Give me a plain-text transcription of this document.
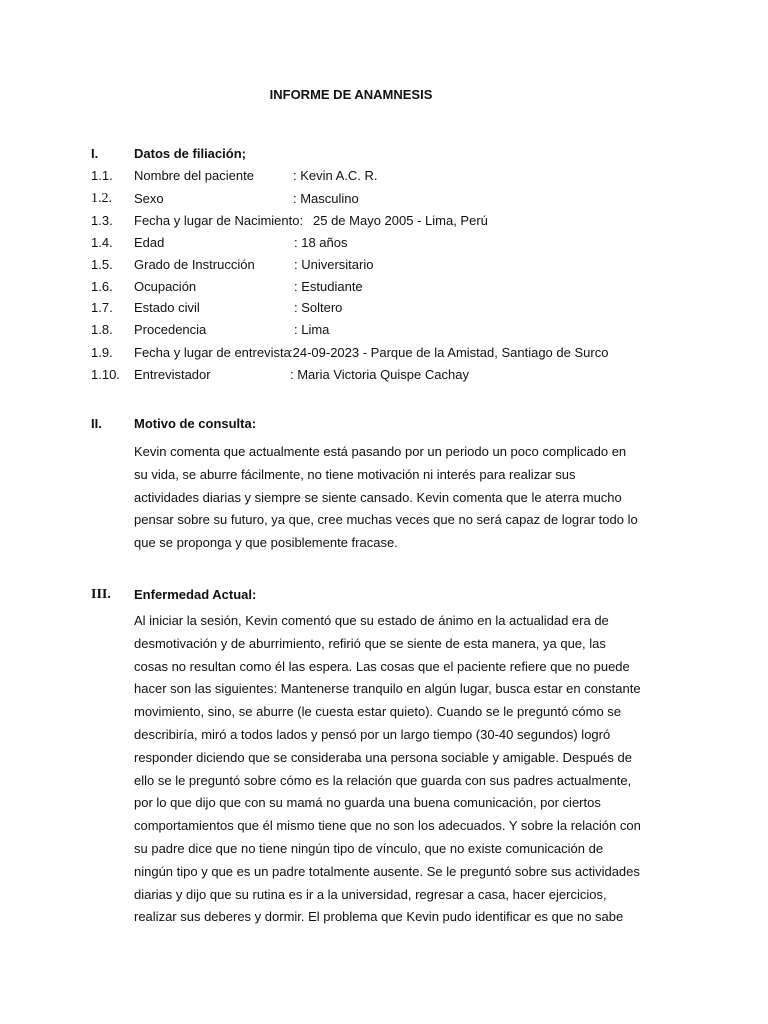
INFORME DE ANAMNESIS
I.	Datos de filiación;
1.1. Nombre del paciente	: Kevin A.C. R.
1.2. Sexo	: Masculino
1.3. Fecha y lugar de Nacimiento: 25 de Mayo 2005 - Lima, Perú
1.4. Edad	: 18 años
1.5. Grado de Instrucción	: Universitario
1.6. Ocupación	: Estudiante
1.7. Estado civil	: Soltero
1.8. Procedencia	: Lima
1.9. Fecha y lugar de entrevista
:24-09-2023 - Parque de la Amistad, Santiago de Surco
1.10. Entrevistador	: Maria Victoria Quispe Cachay
II. Motivo de consulta:
Kevin comenta que actualmente está pasando por un periodo un poco complicado en
su vida, se aburre fácilmente, no tiene motivación ni interés para realizar sus
actividades diarias y siempre se siente cansado. Kevin comenta que le aterra mucho
pensar sobre su futuro, ya que, cree muchas veces que no será capaz de lograr todo lo
que se proponga y que posiblemente fracase.
III. Enfermedad Actual:
Al iniciar la sesión, Kevin comentó que su estado de ánimo en la actualidad era de
desmotivación y de aburrimiento, refirió que se siente de esta manera, ya que, las
cosas no resultan como él las espera. Las cosas que el paciente refiere que no puede
hacer son las siguientes: Mantenerse tranquilo en algún lugar, busca estar en constante
movimiento, sino, se aburre (le cuesta estar quieto). Cuando se le preguntó cómo se
describiría, miró a todos lados y pensó por un largo tiempo (30-40 segundos) logró
responder diciendo que se consideraba una persona sociable y amigable. Después de
ello se le preguntó sobre cómo es la relación que guarda con sus padres actualmente,
por lo que dijo que con su mamá no guarda una buena comunicación, por ciertos
comportamientos que él mismo tiene que no son los adecuados. Y sobre la relación con
su padre dice que no tiene ningún tipo de vínculo, que no existe comunicación de
ningún tipo y que es un padre totalmente ausente. Se le preguntó sobre sus actividades
diarias y dijo que su rutina es ir a la universidad, regresar a casa, hacer ejercicios,
realizar sus deberes y dormir. El problema que Kevin pudo identificar es que no sabe
